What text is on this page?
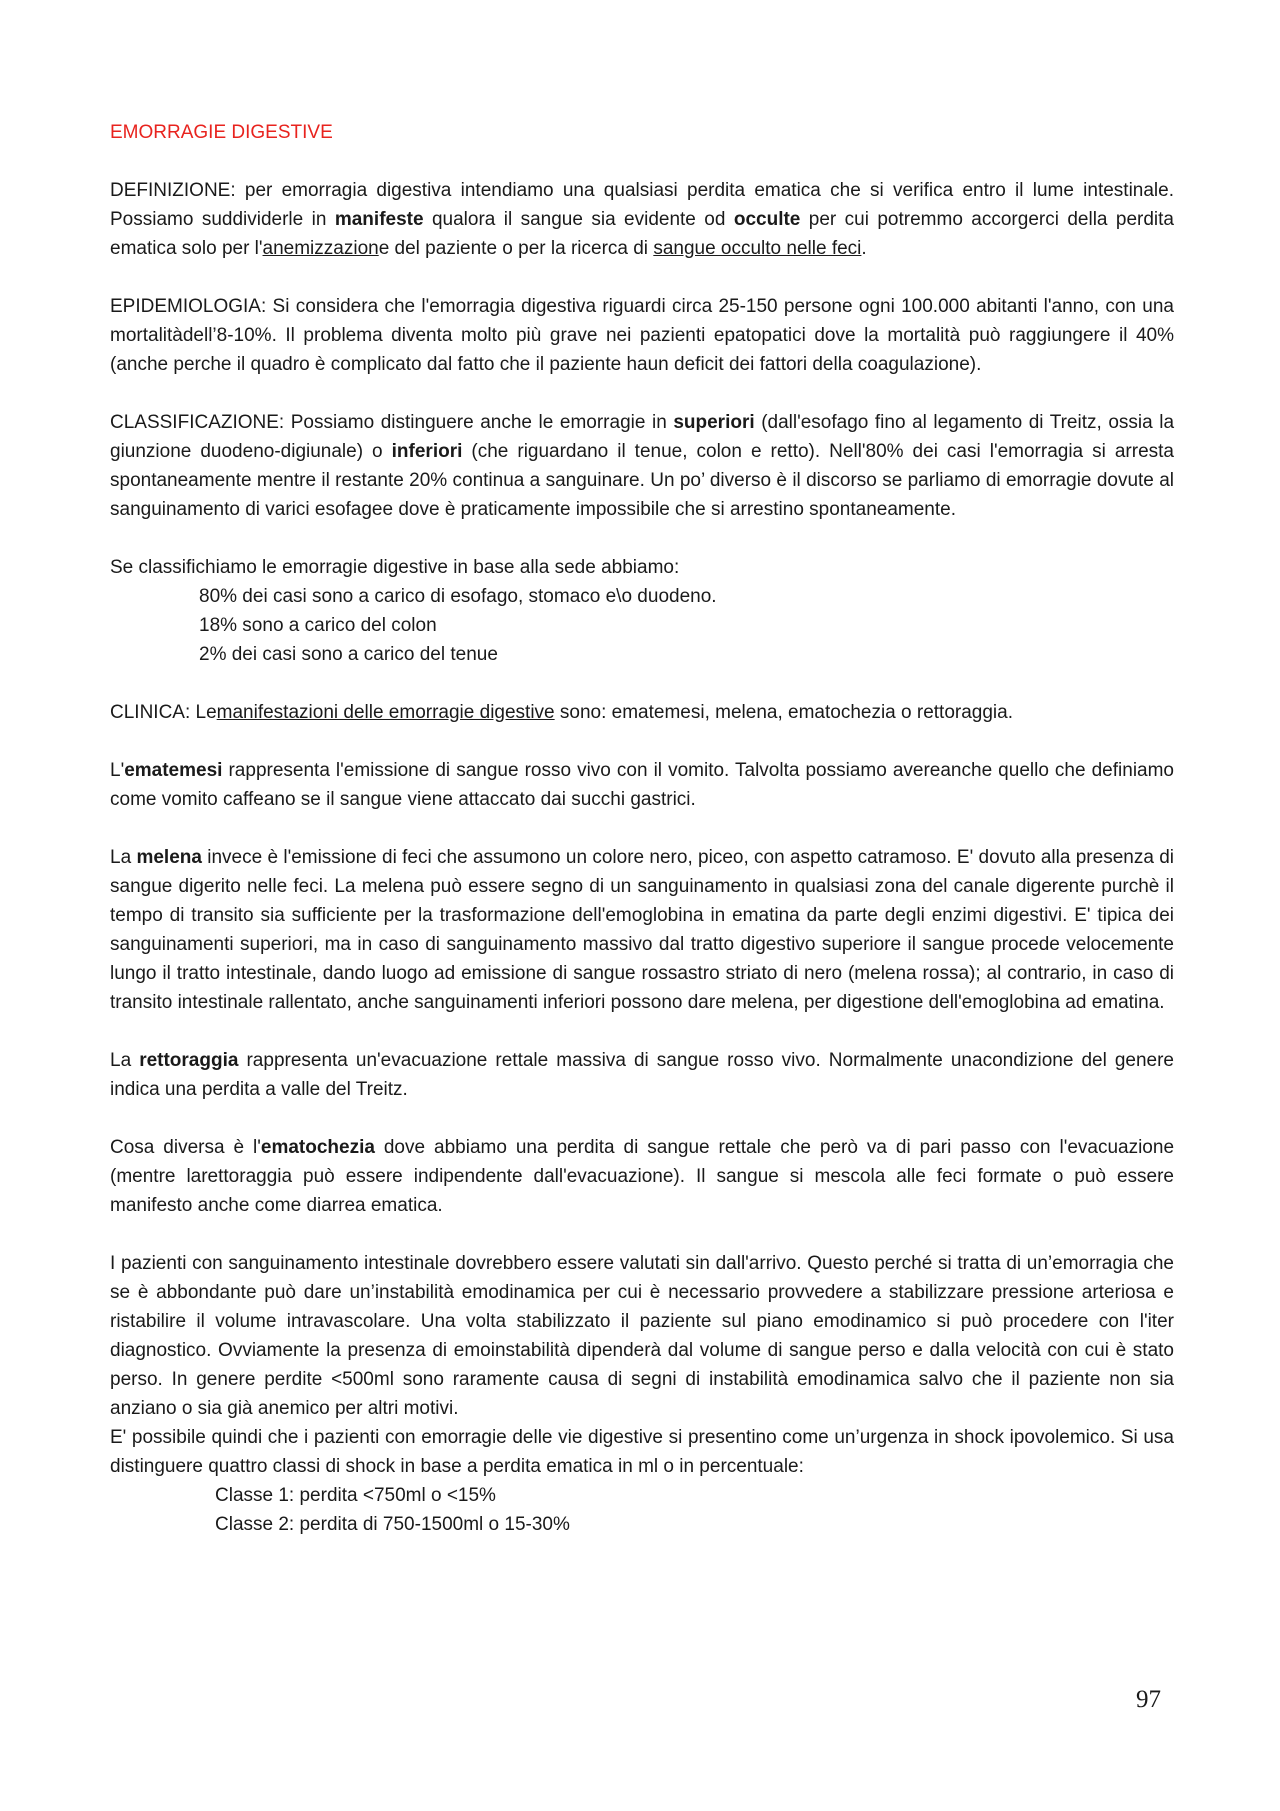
EMORRAGIE DIGESTIVE

DEFINIZIONE: per emorragia digestiva intendiamo una qualsiasi perdita ematica che si verifica entro il lume intestinale. Possiamo suddividerle in manifeste qualora il sangue sia evidente od occulte per cui potremmo accorgerci della perdita ematica solo per l'anemizzazione del paziente o per la ricerca di sangue occulto nelle feci.

EPIDEMIOLOGIA: Si considera che l'emorragia digestiva riguardi circa 25-150 persone ogni 100.000 abitanti l'anno, con una mortalitàdell’8-10%. Il problema diventa molto più grave nei pazienti epatopatici dove la mortalità può raggiungere il 40% (anche perche il quadro è complicato dal fatto che il paziente haun deficit dei fattori della coagulazione).

CLASSIFICAZIONE: Possiamo distinguere anche le emorragie in superiori (dall'esofago fino al legamento di Treitz, ossia la giunzione duodeno-digiunale) o inferiori (che riguardano il tenue, colon e retto). Nell'80% dei casi l'emorragia si arresta spontaneamente mentre il restante 20% continua a sanguinare. Un po’ diverso è il discorso se parliamo di emorragie dovute al sanguinamento di varici esofagee dove è praticamente impossibile che si arrestino spontaneamente.

Se classifichiamo le emorragie digestive in base alla sede abbiamo:

80% dei casi sono a carico di esofago, stomaco e\o duodeno.
18% sono a carico del colon
2% dei casi sono a carico del tenue

CLINICA: Lemanifestazioni delle emorragie digestive sono: ematemesi, melena, ematochezia o rettoraggia.

L'ematemesi rappresenta l'emissione di sangue rosso vivo con il vomito. Talvolta possiamo avereanche quello che definiamo come vomito caffeano se il sangue viene attaccato dai succhi gastrici.

La melena invece è l'emissione di feci che assumono un colore nero, piceo, con aspetto catramoso. E' dovuto alla presenza di sangue digerito nelle feci. La melena può essere segno di un sanguinamento in qualsiasi zona del canale digerente purchè il tempo di transito sia sufficiente per la trasformazione dell'emoglobina in ematina da parte degli enzimi digestivi. E' tipica dei sanguinamenti superiori, ma in caso di sanguinamento massivo dal tratto digestivo superiore il sangue procede velocemente lungo il tratto intestinale, dando luogo ad emissione di sangue rossastro striato di nero (melena rossa); al contrario, in caso di transito intestinale rallentato, anche sanguinamenti inferiori possono dare melena, per digestione dell'emoglobina ad ematina.

La rettoraggia rappresenta un'evacuazione rettale massiva di sangue rosso vivo. Normalmente unacondizione del genere indica una perdita a valle del Treitz.

Cosa diversa è l'ematochezia dove abbiamo una perdita di sangue rettale che però va di pari passo con l'evacuazione (mentre larettoraggia può essere indipendente dall'evacuazione). Il sangue si mescola alle feci formate o può essere manifesto anche come diarrea ematica.

I pazienti con sanguinamento intestinale dovrebbero essere valutati sin dall'arrivo. Questo perché si tratta di un’emorragia che se è abbondante può dare un’instabilità emodinamica per cui è necessario provvedere a stabilizzare pressione arteriosa e ristabilire il volume intravascolare. Una volta stabilizzato il paziente sul piano emodinamico si può procedere con l'iter diagnostico. Ovviamente la presenza di emoinstabilità dipenderà dal volume di sangue perso e dalla velocità con cui è stato perso. In genere perdite <500ml sono raramente causa di segni di instabilità emodinamica salvo che il paziente non sia anziano o sia già anemico per altri motivi.

E' possibile quindi che i pazienti con emorragie delle vie digestive si presentino come un’urgenza in shock ipovolemico. Si usa distinguere quattro classi di shock in base a perdita ematica in ml o in percentuale:

Classe 1: perdita <750ml o <15%
Classe 2: perdita di 750-1500ml o 15-30%
97
